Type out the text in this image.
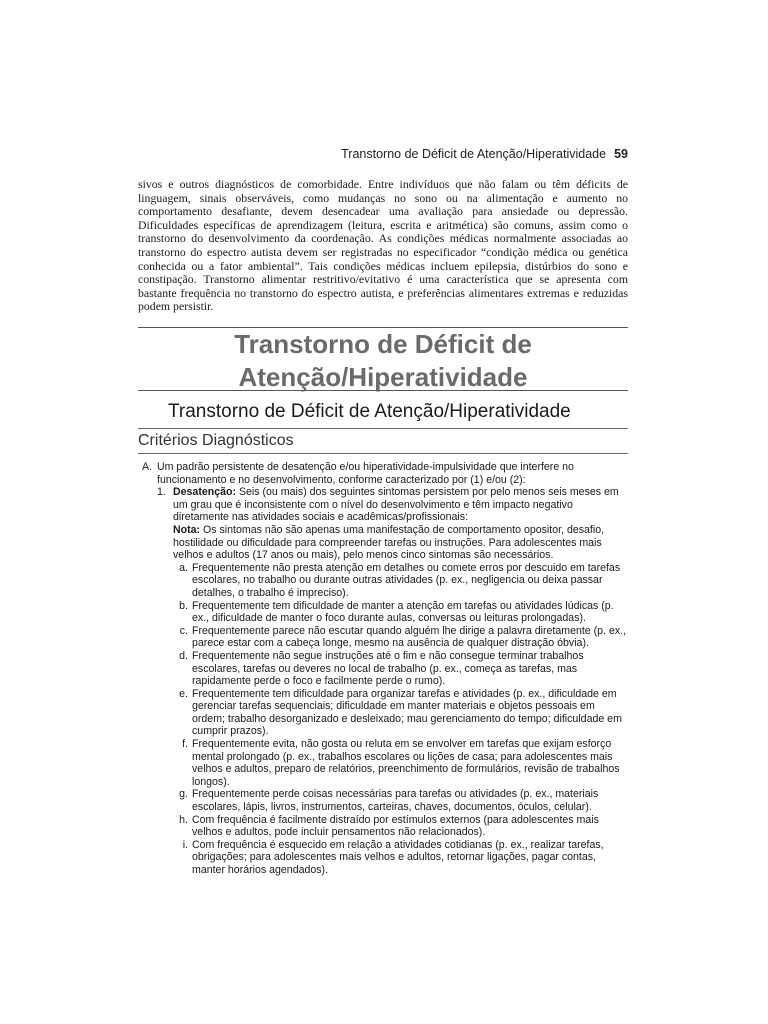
Transtorno de Déficit de Atenção/Hiperatividade 59
sivos e outros diagnósticos de comorbidade. Entre indivíduos que não falam ou têm déficits de linguagem, sinais observáveis, como mudanças no sono ou na alimentação e aumento no comportamento desafiante, devem desencadear uma avaliação para ansiedade ou depressão. Dificuldades específicas de aprendizagem (leitura, escrita e aritmética) são comuns, assim como o transtorno do desenvolvimento da coordenação. As condições médicas normalmente associadas ao transtorno do espectro autista devem ser registradas no especificador “condição médica ou genética conhecida ou a fator ambiental”. Tais condições médicas incluem epilepsia, distúrbios do sono e constipação. Transtorno alimentar restritivo/evitativo é uma característica que se apresenta com bastante frequência no transtorno do espectro autista, e preferências alimentares extremas e reduzidas podem persistir.
Transtorno de Déficit de
Atenção/Hiperatividade
Transtorno de Déficit de Atenção/Hiperatividade
Critérios Diagnósticos
A. Um padrão persistente de desatenção e/ou hiperatividade-impulsividade que interfere no funcionamento e no desenvolvimento, conforme caracterizado por (1) e/ou (2):
1. Desatenção: Seis (ou mais) dos seguintes sintomas persistem por pelo menos seis meses em um grau que é inconsistente com o nível do desenvolvimento e têm impacto negativo diretamente nas atividades sociais e acadêmicas/profissionais:
Nota: Os sintomas não são apenas uma manifestação de comportamento opositor, desafio, hostilidade ou dificuldade para compreender tarefas ou instruções. Para adolescentes mais velhos e adultos (17 anos ou mais), pelo menos cinco sintomas são necessários.
a. Frequentemente não presta atenção em detalhes ou comete erros por descuido em tarefas escolares, no trabalho ou durante outras atividades (p. ex., negligencia ou deixa passar detalhes, o trabalho é impreciso).
b. Frequentemente tem dificuldade de manter a atenção em tarefas ou atividades lúdicas (p. ex., dificuldade de manter o foco durante aulas, conversas ou leituras prolongadas).
c. Frequentemente parece não escutar quando alguém lhe dirige a palavra diretamente (p. ex., parece estar com a cabeça longe, mesmo na ausência de qualquer distração óbvia).
d. Frequentemente não segue instruções até o fim e não consegue terminar trabalhos escolares, tarefas ou deveres no local de trabalho (p. ex., começa as tarefas, mas rapidamente perde o foco e facilmente perde o rumo).
e. Frequentemente tem dificuldade para organizar tarefas e atividades (p. ex., dificuldade em gerenciar tarefas sequenciais; dificuldade em manter materiais e objetos pessoais em ordem; trabalho desorganizado e desleixado; mau gerenciamento do tempo; dificuldade em cumprir prazos).
f. Frequentemente evita, não gosta ou reluta em se envolver em tarefas que exijam esforço mental prolongado (p. ex., trabalhos escolares ou lições de casa; para adolescentes mais velhos e adultos, preparo de relatórios, preenchimento de formulários, revisão de trabalhos longos).
g. Frequentemente perde coisas necessárias para tarefas ou atividades (p. ex., materiais escolares, lápis, livros, instrumentos, carteiras, chaves, documentos, óculos, celular).
h. Com frequência é facilmente distraído por estímulos externos (para adolescentes mais velhos e adultos, pode incluir pensamentos não relacionados).
i. Com frequência é esquecido em relação a atividades cotidianas (p. ex., realizar tarefas, obrigações; para adolescentes mais velhos e adultos, retornar ligações, pagar contas, manter horários agendados).
